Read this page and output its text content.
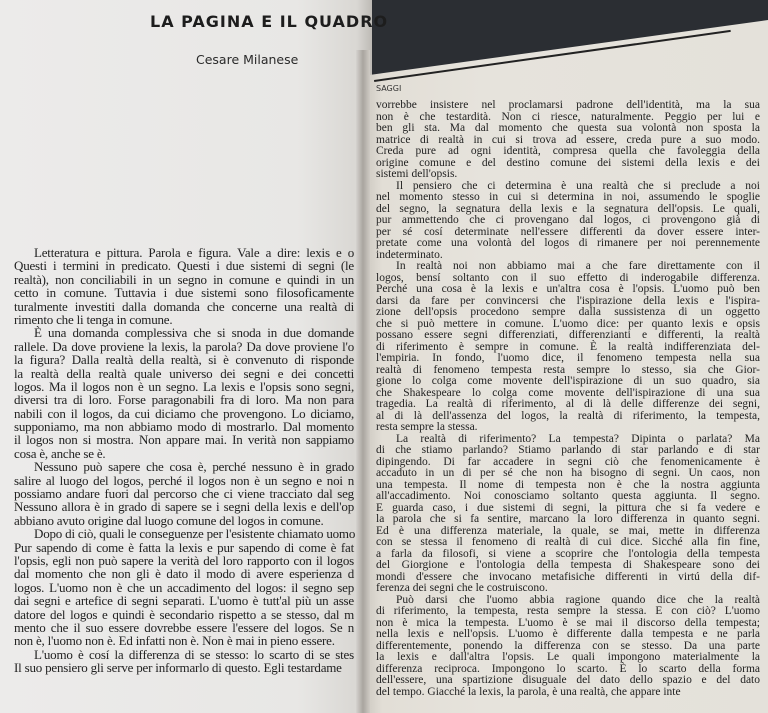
LA PAGINA E IL QUADRO
Cesare Milanese
SAGGI
Letteratura e pittura. Parola e figura. Vale a dire: lexis e o
Questi i termini in predicato. Questi i due sistemi di segni (le
realtà), non conciliabili in un segno in comune e quindi in un
cetto in comune. Tuttavia i due sistemi sono filosoficamente
turalmente investiti dalla domanda che concerne una realtà di
rimento che li tenga in comune.
È una domanda complessiva che si snoda in due domande
rallele. Da dove proviene la lexis, la parola? Da dove proviene l'o
la figura? Dalla realtà della realtà, si è convenuto di risponde
la realtà della realtà quale universo dei segni e dei concetti
logos. Ma il logos non è un segno. La lexis e l'opsis sono segni,
diversi tra di loro. Forse paragonabili fra di loro. Ma non para
nabili con il logos, da cui diciamo che provengono. Lo diciamo,
supponiamo, ma non abbiamo modo di mostrarlo. Dal momento
il logos non si mostra. Non appare mai. In verità non sappiamo
cosa è, anche se è.
Nessuno può sapere che cosa è, perché nessuno è in grado
salire al luogo del logos, perché il logos non è un segno e noi n
possiamo andare fuori dal percorso che ci viene tracciato dal seg
Nessuno allora è in grado di sapere se i segni della lexis e dell'op
abbiano avuto origine dal luogo comune del logos in comune.
Dopo di ciò, quali le conseguenze per l'esistente chiamato uomo
Pur sapendo di come è fatta la lexis e pur sapendo di come è fat
l'opsis, egli non può sapere la verità del loro rapporto con il logos
dal momento che non gli è dato il modo di avere esperienza d
logos. L'uomo non è che un accadimento del logos: il segno sep
dai segni e artefice di segni separati. L'uomo è tutt'al più un asse
datore del logos e quindi è secondario rispetto a se stesso, dal m
mento che il suo essere dovrebbe essere l'essere del logos. Se n
non è, l'uomo non è. Ed infatti non è. Non è mai in pieno essere.
L'uomo è cosí la differenza di se stesso: lo scarto di se stes
Il suo pensiero gli serve per informarlo di questo. Egli testardame
vorrebbe insistere nel proclamarsi padrone dell'identità, ma la sua
non è che testardità. Non ci riesce, naturalmente. Peggio per lui e
ben gli sta. Ma dal momento che questa sua volontà non sposta la
matrice di realtà in cui si trova ad essere, creda pure a suo modo.
Creda pure ad ogni identità, compresa quella che favoleggia della
origine comune e del destino comune dei sistemi della lexis e dei
sistemi dell'opsis.
Il pensiero che ci determina è una realtà che si preclude a noi
nel momento stesso in cui si determina in noi, assumendo le spoglie
del segno, la segnatura della lexis e la segnatura dell'opsis. Le quali,
pur ammettendo che ci provengano dal logos, ci provengono già di
per sé cosí determinate nell'essere differenti da dover essere inter-
pretate come una volontà del logos di rimanere per noi perennemente
indeterminato.
In realtà noi non abbiamo mai a che fare direttamente con il
logos, bensí soltanto con il suo effetto di inderogabile differenza.
Perché una cosa è la lexis e un'altra cosa è l'opsis. L'uomo può ben
darsi da fare per convincersi che l'ispirazione della lexis e l'ispira-
zione dell'opsis procedono sempre dalla sussistenza di un oggetto
che si può mettere in comune. L'uomo dice: per quanto lexis e opsis
possano essere segni differenziati, differenzianti e differenti, la realtà
di riferimento è sempre in comune. È la realtà indifferenziata del-
l'empiria. In fondo, l'uomo dice, il fenomeno tempesta nella sua
realtà di fenomeno tempesta resta sempre lo stesso, sia che Gior-
gione lo colga come movente dell'ispirazione di un suo quadro, sia
che Shakespeare lo colga come movente dell'ispirazione di una sua
tragedia. La realtà di riferimento, al di là delle differenze dei segni,
al di là dell'assenza del logos, la realtà di riferimento, la tempesta,
resta sempre la stessa.
La realtà di riferimento? La tempesta? Dipinta o parlata? Ma
di che stiamo parlando? Stiamo parlando di star parlando e di star
dipingendo. Di far accadere in segni ciò che fenomenicamente è
accaduto in un di per sé che non ha bisogno di segni. Un caos, non
una tempesta. Il nome di tempesta non è che la nostra aggiunta
all'accadimento. Noi conosciamo soltanto questa aggiunta. Il segno.
E guarda caso, i due sistemi di segni, la pittura che si fa vedere e
la parola che si fa sentire, marcano la loro differenza in quanto segni.
Ed è una differenza materiale, la quale, se mai, mette in differenza
con se stessa il fenomeno di realtà di cui dice. Sicché alla fin fine,
a farla da filosofi, si viene a scoprire che l'ontologia della tempesta
del Giorgione e l'ontologia della tempesta di Shakespeare sono dei
mondi d'essere che invocano metafisiche differenti in virtú della dif-
ferenza dei segni che le costruiscono.
Può darsi che l'uomo abbia ragione quando dice che la realtà
di riferimento, la tempesta, resta sempre la stessa. E con ciò? L'uomo
non è mica la tempesta. L'uomo è se mai il discorso della tempesta;
nella lexis e nell'opsis. L'uomo è differente dalla tempesta e ne parla
differentemente, ponendo la differenza con se stesso. Da una parte
la lexis e dall'altra l'opsis. Le quali impongono materialmente la
differenza reciproca. Impongono lo scarto. È lo scarto della forma
dell'essere, una spartizione disuguale del dato dello spazio e del dato
del tempo. Giacché la lexis, la parola, è una realtà, che appare inte
